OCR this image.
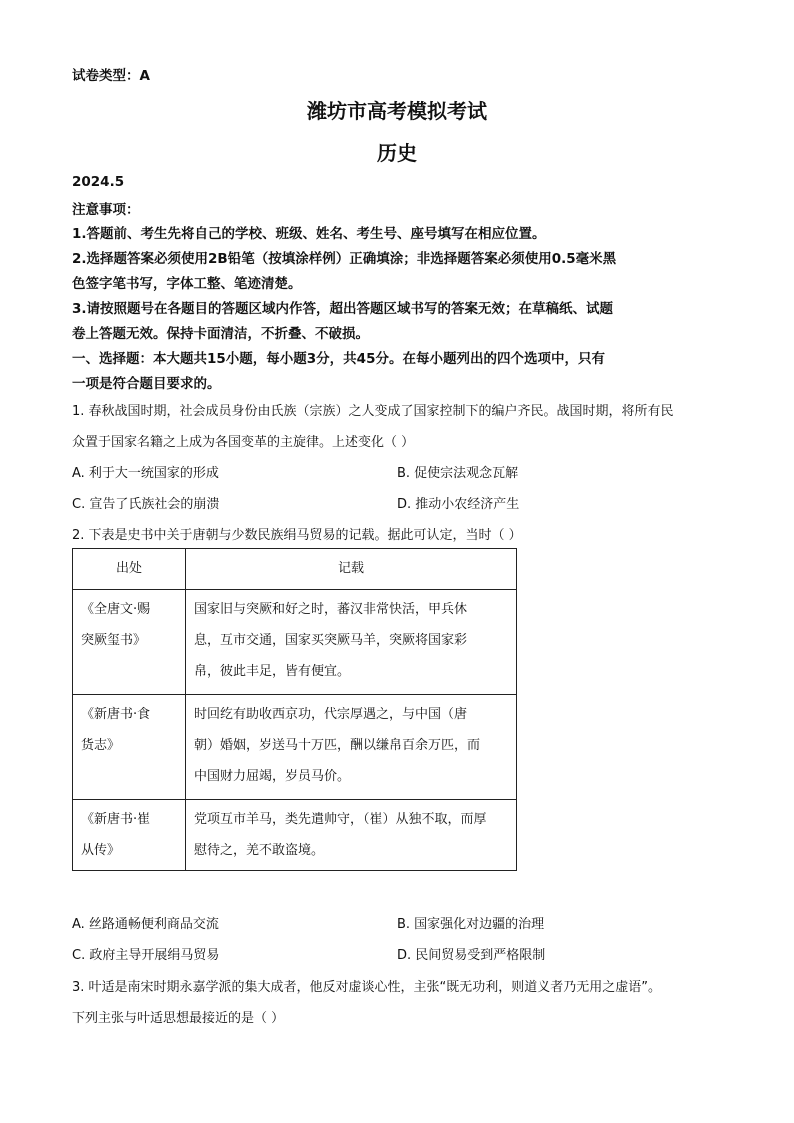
试卷类型：A
潍坊市高考模拟考试
历史
2024.5
注意事项：
1.答题前、考生先将自己的学校、班级、姓名、考生号、座号填写在相应位置。
2.选择题答案必须使用2B铅笔（按填涂样例）正确填涂；非选择题答案必须使用0.5毫米黑
色签字笔书写，字体工整、笔迹清楚。
3.请按照题号在各题目的答题区域内作答，超出答题区域书写的答案无效；在草稿纸、试题
卷上答题无效。保持卡面清洁，不折叠、不破损。
一、选择题：本大题共15小题，每小题3分，共45分。在每小题列出的四个选项中，只有
一项是符合题目要求的。
1. 春秋战国时期，社会成员身份由氏族（宗族）之人变成了国家控制下的编户齐民。战国时期，将所有民
众置于国家名籍之上成为各国变革的主旋律。上述变化（ ）
A. 利于大一统国家的形成	B. 促使宗法观念瓦解
C. 宣告了氏族社会的崩溃	D. 推动小农经济产生
2. 下表是史书中关于唐朝与少数民族绢马贸易的记载。据此可认定，当时（ ）
出处	记载

《全唐文·赐
突厥玺书》	国家旧与突厥和好之时，蕃汉非常快活，甲兵休
息，互市交通，国家买突厥马羊，突厥将国家彩
帛，彼此丰足，皆有便宜。

《新唐书·食
货志》	时回纥有助收西京功，代宗厚遇之，与中国（唐
朝）婚姻，岁送马十万匹，酬以缣帛百余万匹，而
中国财力屈竭，岁员马价。

《新唐书·崔
从传》	党项互市羊马，类先遣帅守，（崔）从独不取，而厚
慰待之，羌不敢盗境。
A. 丝路通畅便利商品交流	B. 国家强化对边疆的治理
C. 政府主导开展绢马贸易	D. 民间贸易受到严格限制
3. 叶适是南宋时期永嘉学派的集大成者，他反对虚谈心性，主张“既无功利，则道义者乃无用之虚语”。
下列主张与叶适思想最接近的是（ ）
